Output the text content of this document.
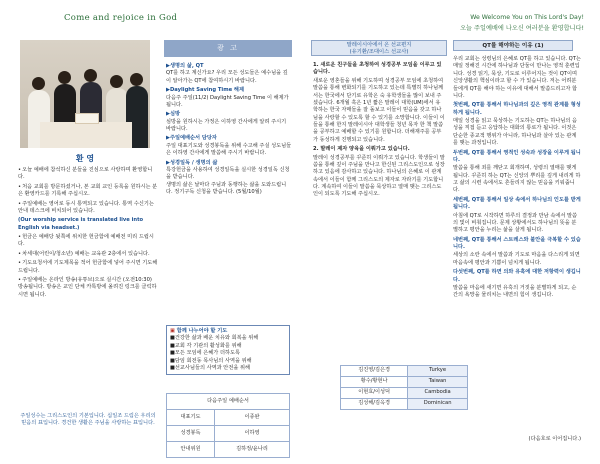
Come and rejoice in God	We Welcome You on This Lord's Day!
오늘 주일예배에 나오신 여러분을 환영합니다!
환 영

•오늘 예배에 참석하신 분들을 진심으로 사랑하며 환영합니다.

•처음 교회를 방문하셨거나, 본 교회 교인 등록을 원하시는 분은 환영카드를 기록해 주십시오.

•주일예배는 영어로 동시 통역되고 있습니다. 통역 수신기는 안내 데스크에 비치되어 있습니다.

(Our worship service is translated live into English via headset.)

•헌금은 예배당 뒷쪽에 위치한 헌금함에 예배전 미리 드립시다.

•차세대(어린이/청소년) 예배는 교육관 2층에서 있습니다.

•기도요청서에 기도제목을 적어 헌금함에 넣어 주시면 기도해 드립니다.

•주일예배는 온라인 방송(유튜브)으로 실시간 (오전10:30) 방송됩니다. 방송은 교인 단체 카톡방에 올려진 링크를 클릭하시면 됩니다.

주일성수는 그리스도인의 기본입니다. 십일조 드림은 우리의 믿음의 표입니다. 경건한 생활은 주님을 사랑하는 표입니다.
광 고

▶생명의 삶, QT

QT를 하고 계신가요? 우리 모든 성도들은 예수님을 깊이 알아가는 QT에 참여하시기 바랍니다.

▶Daylight Saving Time 해제

다음주 주일(11/2) Daylight Saving Time 이 해제가 됩니다.

▶심방

심방을 원하시는 가정은 이하영 간사에게 알려 주시기 바랍니다.

▶주일예배순서 담당자

주일 대표기도와 성경봉독을 위해 수고해 주실 성도님들은 이하영 간사에게 말씀해 주시기 바랍니다.

▶성경일독 / 생명의 삶

특강헌금을 사용하여 성경일독을 실시한 성경일독 신청을 받습니다.

생명의 삶은 날마다 주님과 동행하는 삶을 도와드립니다. 정기구독 신청을 받습니다. (5월/10월)

▣ 함께 나누어야 할 기도
■건강한 삶과 배운 치유와 회복을 위해
■교회 각 기관의 활성화를 위해
■모든 모임에 은혜가 더하도록
■담임 회전동 목사님의 사역을 위해
■선교사님들의 사역과 안전을 위해
다음주일 예배순서	
대표기도	이종완
성경봉독	이하영
안내위원	김하정/윤나리
말레이시아에서 온 선교편지
(유기환/조대이스 선교사)

1. 새로운 친구들을 초청하여 성경공부 모임을 이루고 있습니다.

새로운 영혼들을 위해 기도하며 성경공부 모임에 초청하여 말씀을 통해 변화되기를 기도하고 있는데 특별히 하나님께서는 한국에서 단기로 유학온 숙 유학생들을 많이 보내 주셨습니다. 6개월 혹은 1년 짧은 말레이 대학(UM)에서 유학하는 한국 자매들을 잘 돌보고 이들이 믿음을 갖고 하나님을 사랑할 수 있도록 할 수 있기를 소망합니다. 이들이 이들을 통해 한지 말레이시아 대학생들 청년 목자 한 책 말씀을 공부하고 예배할 수 있기를 원합니다. 더해재주를 공부가 동성하게 진행되고 있습니다.

2. 말레이 제자 양육을 이뤄가고 있습니다.

말레이 성경공부를 꾸준히 이뤄가고 있습니다. 학생들이 말씀을 통해 깊이 주님을 만나고 한신된 그리스도인으로 성장하고 있음에 감사하고 있습니다. 하나님의 은혜로 이 관계 속에서 이들이 함께 그리스도의 제자로 자라기를 기도합니다. 계속하여 이들이 말씀을 묵상하고 열매 맺는 그리스도인이 되도록 기도해 주십시오.

김진영/김은경	Turkye
황수/황현나	Taiwan
이현효/이성덕	Cambodia
김성해/김옥경	Dominican
QT를 해야하는 이유 (1)

우리 교회는 성령님의 은혜로 QT를 하고 있습니다. QT는 매일 정해진 시간에 하나님과 단둘이 만나는 영적 훈련입니다. 성경 읽기, 묵상, 기도로 이루어지는 것이 QT이며 신앙생활의 핵심이라고 할 수 가 있습니다. 저는 어려분들에게 QT를 해야 하는 이유에 대해서 말씀드리고자 합니다.

첫번째, QT를 통해서 하나님과의 깊은 영적 관계를 형성하게 됩니다.

매일 성경을 읽고 묵상하는 기도하는 QT는 하나님의 음성을 직접 듣고 응답하는 대화의 통로가 됩니다. 이것은 단순한 종교적 행위가 아니라, 하나님과 살아 있는 관계를 맺는 과정입니다.

두번째, QT를 통해서 영적인 성숙과 성장을 이루게 됩니다.

말씀을 통해 죄를 깨닫고 회개하며, 성령의 열매를 맺게 됩니다. 꾸준히 하는 QT는 신앙의 뿌리를 깊게 내리게 하고 삶의 시련 속에서도 흔들리지 않는 믿음을 키워줍니다.

세번째, QT를 통해서 일상 속에서 하나님의 인도를 받게 됩니다.

아침에 QT로 시작하면 하루의 결정과 만남 속에서 말씀의 빛이 비춰집니다. 문제 상황에서도 하나님의 뜻을 분별하고 평안을 누리는 삶을 살게 됩니다.

네번째, QT를 통해서 스트레스와 불안을 극복할 수 있습니다.

세상의 소란 속에서 말씀과 기도로 마음을 다스리게 되면 마음속에 평안과 기쁨이 넘치게 됩니다.

다섯번째, QT를 하면 의와 유혹에 대한 저항력이 생깁니다.

말씀을 마음에 새기면 유혹의 거짓을 분별하게 되고, 순간의 욕망을 물리치는 내면의 힘이 생깁니다.

(다음호로 이어집니다.)
